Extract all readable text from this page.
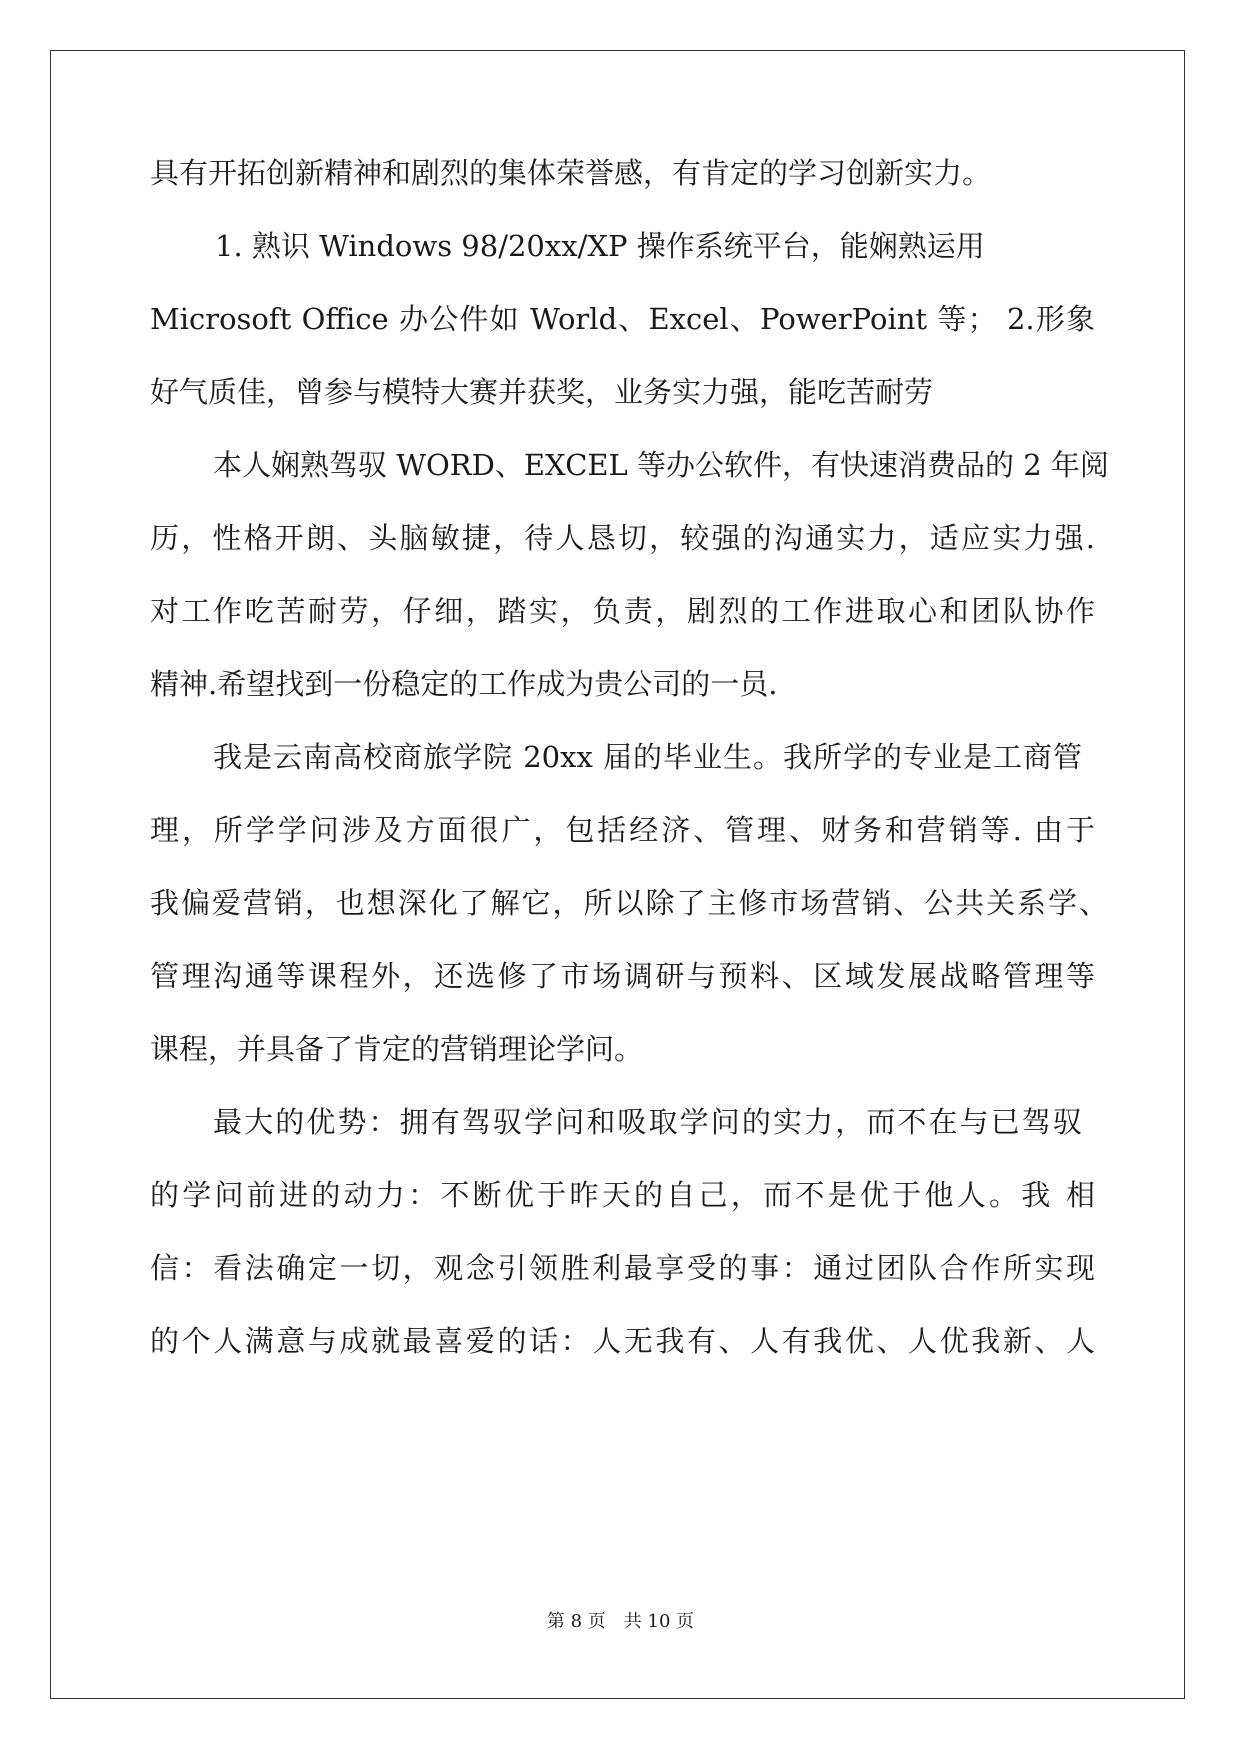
具有开拓创新精神和剧烈的集体荣誉感，有肯定的学习创新实力。
1. 熟识 Windows 98/20xx/XP 操作系统平台，能娴熟运用
Microsoft Office 办公件如 World、Excel、PowerPoint 等； 2.形象
好气质佳，曾参与模特大赛并获奖，业务实力强，能吃苦耐劳
本人娴熟驾驭 WORD、EXCEL 等办公软件，有快速消费品的 2 年阅
历，性格开朗、头脑敏捷，待人恳切，较强的沟通实力，适应实力强.
对工作吃苦耐劳，仔细，踏实，负责，剧烈的工作进取心和团队协作
精神.希望找到一份稳定的工作成为贵公司的一员.
我是云南高校商旅学院 20xx 届的毕业生。我所学的专业是工商管
理，所学学问涉及方面很广，包括经济、管理、财务和营销等. 由于
我偏爱营销，也想深化了解它，所以除了主修市场营销、公共关系学、
管理沟通等课程外，还选修了市场调研与预料、区域发展战略管理等
课程，并具备了肯定的营销理论学问。
最大的优势：拥有驾驭学问和吸取学问的实力，而不在与已驾驭
的学问前进的动力：不断优于昨天的自己，而不是优于他人。我 相
信：看法确定一切，观念引领胜利最享受的事：通过团队合作所实现
的个人满意与成就最喜爱的话：人无我有、人有我优、人优我新、人
第 8 页　共 10 页
